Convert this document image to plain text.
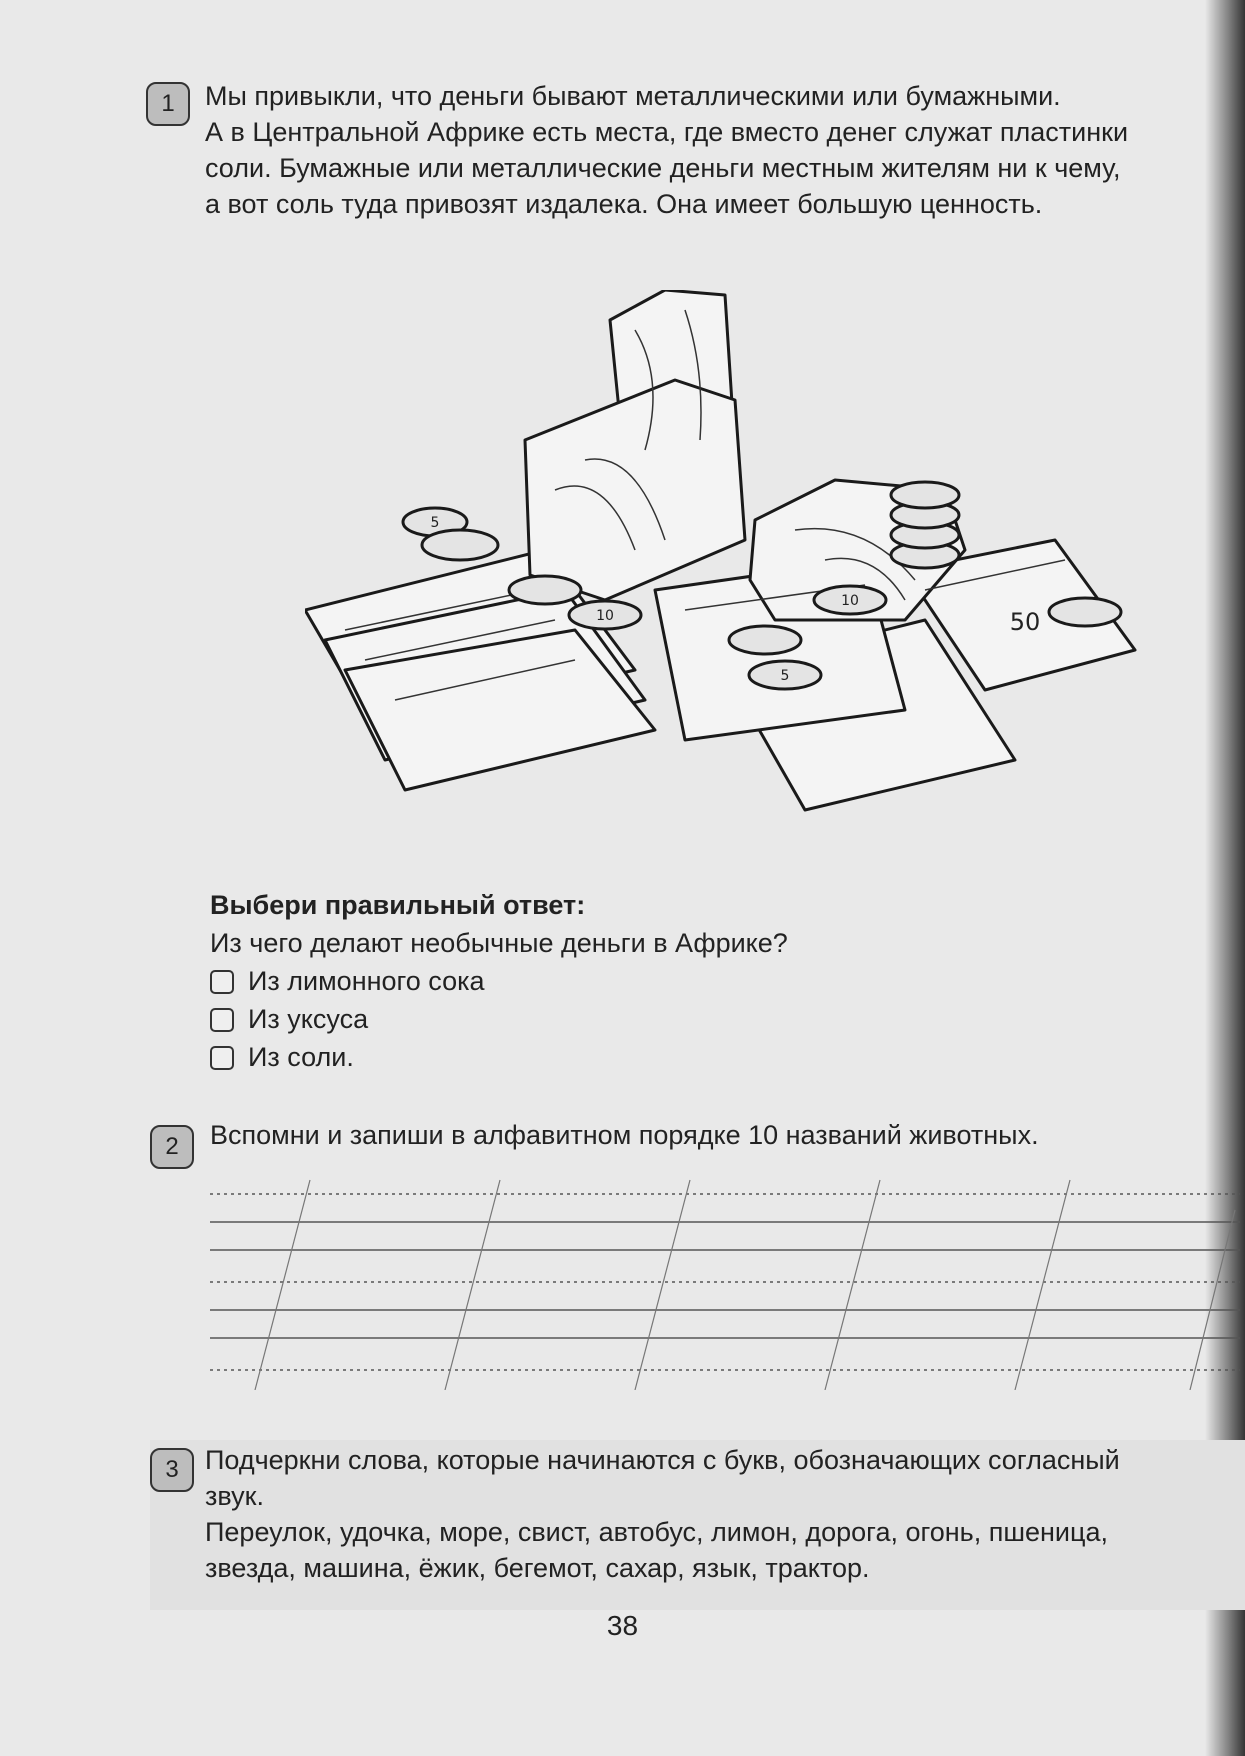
1	Мы привыкли, что деньги бывают металлическими или бумажными.
А в Центральной Африке есть места, где вместо денег служат пластинки
соли. Бумажные или металлические деньги местным жителям ни к чему,
а вот соль туда привозят издалека. Она имеет большую ценность.

10
5
5
10
50
Выбери правильный ответ:
Из чего делают необычные деньги в Африке?
Из лимонного сока
Из уксуса
Из соли.
2	Вспомни и запиши в алфавитном порядке 10 названий животных.
3 Подчеркни слова, которые начинаются с букв, обозначающих согласный
звук.
Переулок, удочка, море, свист, автобус, лимон, дорога, огонь, пшеница,
звезда, машина, ёжик, бегемот, сахар, язык, трактор.

38
